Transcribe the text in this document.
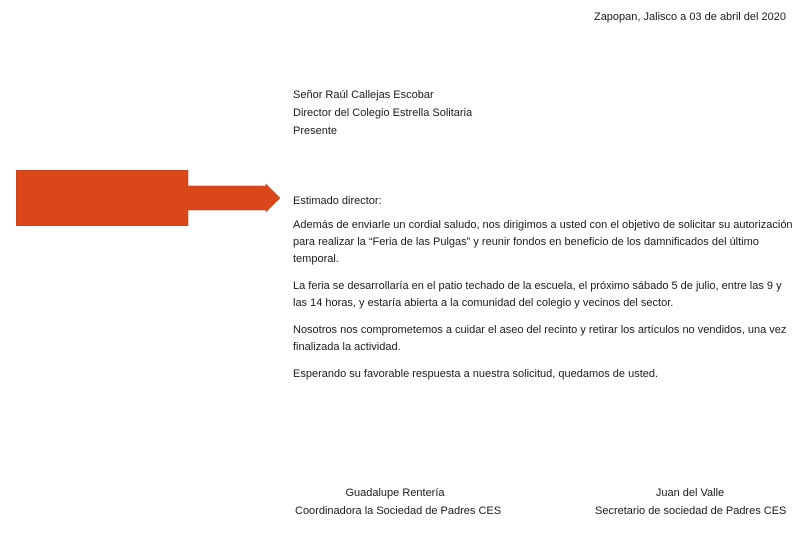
Zapopan, Jalisco a 03 de abril del 2020
Señor Raúl Callejas Escobar
Director del Colegio Estrella Solitaria
Presente
Estimado director:

Además de enviarle un cordial saludo, nos dirigimos a usted con el objetivo de solicitar su autorización para realizar la “Feria de las Pulgas” y reunir fondos en beneficio de los damnificados del último temporal.

La feria se desarrollaría en el patio techado de la escuela, el próximo sábado 5 de julio, entre las 9 y las 14 horas, y estaría abierta a la comunidad del colegio y vecinos del sector.

Nosotros nos comprometemos a cuidar el aseo del recinto y retirar los artículos no vendidos, una vez finalizada la actividad.

Esperando su favorable respuesta a nuestra solicitud, quedamos de usted.

Guadalupe Rentería
Coordinadora la Sociedad de Padres CES
Juan del Valle
Secretario de sociedad de Padres CES
